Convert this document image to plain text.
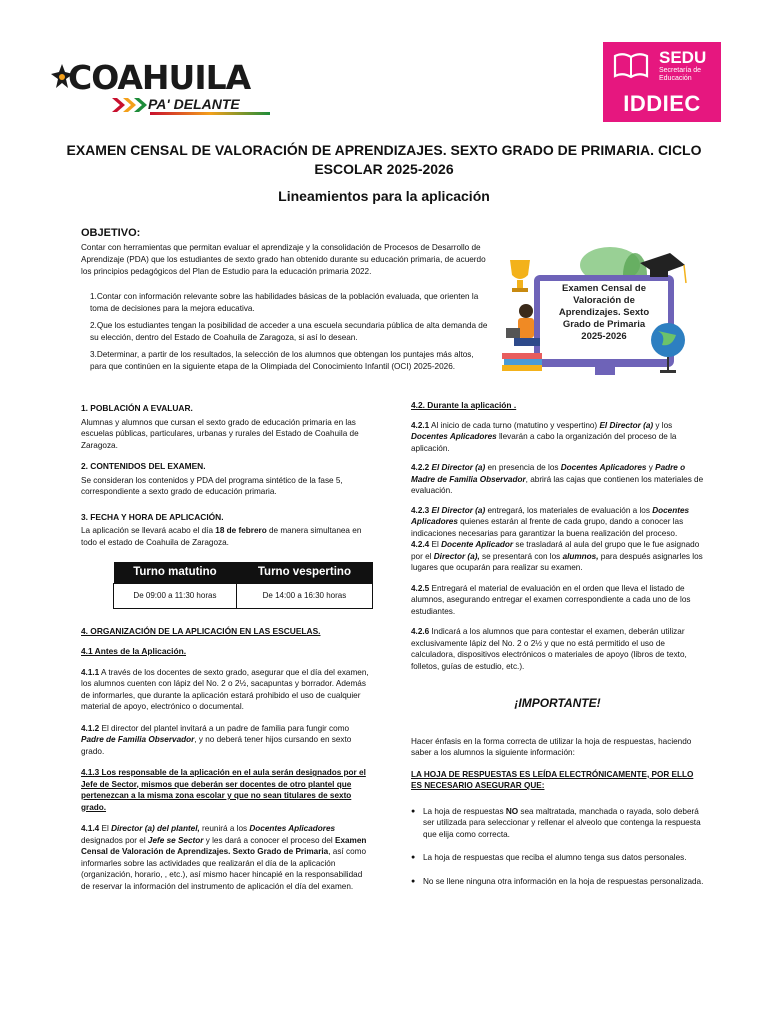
COAHUILA
PA' DELANTE
SEDU
Secretaría de
Educación
IDDIEC
EXAMEN CENSAL DE VALORACIÓN DE APRENDIZAJES. SEXTO GRADO DE PRIMARIA. CICLO ESCOLAR 2025-2026
Lineamientos para la aplicación
OBJETIVO:
Contar con herramientas que permitan evaluar el aprendizaje y la consolidación de Procesos de Desarrollo de Aprendizaje (PDA) que los estudiantes de sexto grado han obtenido durante su educación primaria, de acuerdo los principios pedagógicos del Plan de Estudio para la educación primaria 2022.

1.Contar con información relevante sobre las habilidades básicas de la población evaluada, que orienten la toma de decisiones para la mejora educativa.

2.Que los estudiantes tengan la posibilidad de acceder a una escuela secundaria pública de alta demanda de su elección, dentro del Estado de Coahuila de Zaragoza, si así lo desean.

3.Determinar, a partir de los resultados, la selección de los alumnos que obtengan los puntajes más altos, para que continúen en la siguiente etapa de la Olimpiada del Conocimiento Infantil (OCI) 2025-2026.

Examen Censal de
Valoración de
Aprendizajes. Sexto
Grado de Primaria
2025-2026
1. POBLACIÓN A EVALUAR.

Alumnas y alumnos que cursan el sexto grado de educación primaria en las escuelas públicas, particulares, urbanas y rurales del Estado de Coahuila de Zaragoza.

2. CONTENIDOS DEL EXAMEN.

Se consideran los contenidos y PDA del programa sintético de la fase 5, correspondiente a sexto grado de educación primaria.

3. FECHA Y HORA DE APLICACIÓN.

La aplicación se llevará acabo el día 18 de febrero de manera simultanea en todo el estado de Coahuila de Zaragoza.

Turno matutino	Turno vespertino
De 09:00 a 11:30 horas	De 14:00 a 16:30 horas
4. ORGANIZACIÓN DE LA APLICACIÓN EN LAS ESCUELAS.
4.1 Antes de la Aplicación.

4.1.1 A través de los docentes de sexto grado, asegurar que el día del examen, los alumnos cuenten con lápiz del No. 2 o 2½, sacapuntas y borrador. Además de informarles, que durante la aplicación estará prohibido el uso de cualquier material de apoyo, electrónico o documental.

4.1.2 El director del plantel invitará a un padre de familia para fungir como Padre de Familia Observador, y no deberá tener hijos cursando en sexto grado.

4.1.3 Los responsable de la aplicación en el aula serán designados por el Jefe de Sector, mismos que deberán ser docentes de otro plantel que pertenezcan a la misma zona escolar y que no sean titulares de sexto grado.

4.1.4 El Director (a) del plantel, reunirá a los Docentes Aplicadores designados por el Jefe se Sector y les dará a conocer el proceso del Examen Censal de Valoración de Aprendizajes. Sexto Grado de Primaria, así como informarles sobre las actividades que realizarán el día de la aplicación (organización, horario, , etc.), así mismo hacer hincapié en la responsabilidad de reservar la información del instrumento de aplicación el día del examen.

4.2. Durante la aplicación .

4.2.1 Al inicio de cada turno (matutino y vespertino) El Director (a) y los Docentes Aplicadores llevarán a cabo la organización del proceso de la aplicación.

4.2.2 El Director (a) en presencia de los Docentes Aplicadores y Padre o Madre de Familia Observador, abrirá las cajas que contienen los materiales de evaluación.

4.2.3 El Director (a) entregará, los materiales de evaluación a los Docentes Aplicadores quienes estarán al frente de cada grupo, dando a conocer las indicaciones necesarias para garantizar la buena realización del proceso.

4.2.4 El Docente Aplicador se trasladará al aula del grupo que le fue asignado por el Director (a), se presentará con los alumnos, para después asignarles los lugares que ocuparán para realizar su examen.

4.2.5 Entregará el material de evaluación en el orden que lleva el listado de alumnos, asegurando entregar el examen correspondiente a cada uno de los estudiantes.

4.2.6 Indicará a los alumnos que para contestar el examen, deberán utilizar exclusivamente lápiz del No. 2 o 2½ y que no está permitido el uso de calculadora, dispositivos electrónicos o materiales de apoyo (libros de texto, folletos, guías de estudio, etc.).

¡IMPORTANTE!

Hacer énfasis en la forma correcta de utilizar la hoja de respuestas, haciendo saber a los alumnos la siguiente información:

LA HOJA DE RESPUESTAS ES LEÍDA ELECTRÓNICAMENTE, POR ELLO ES NECESARIO ASEGURAR QUE:

● La hoja de respuestas NO sea maltratada, manchada o rayada, solo deberá ser utilizada para seleccionar y rellenar el alveolo que contenga la respuesta que elija como correcta.
● La hoja de respuestas que reciba el alumno tenga sus datos personales.
● No se llene ninguna otra información en la hoja de respuestas personalizada.
